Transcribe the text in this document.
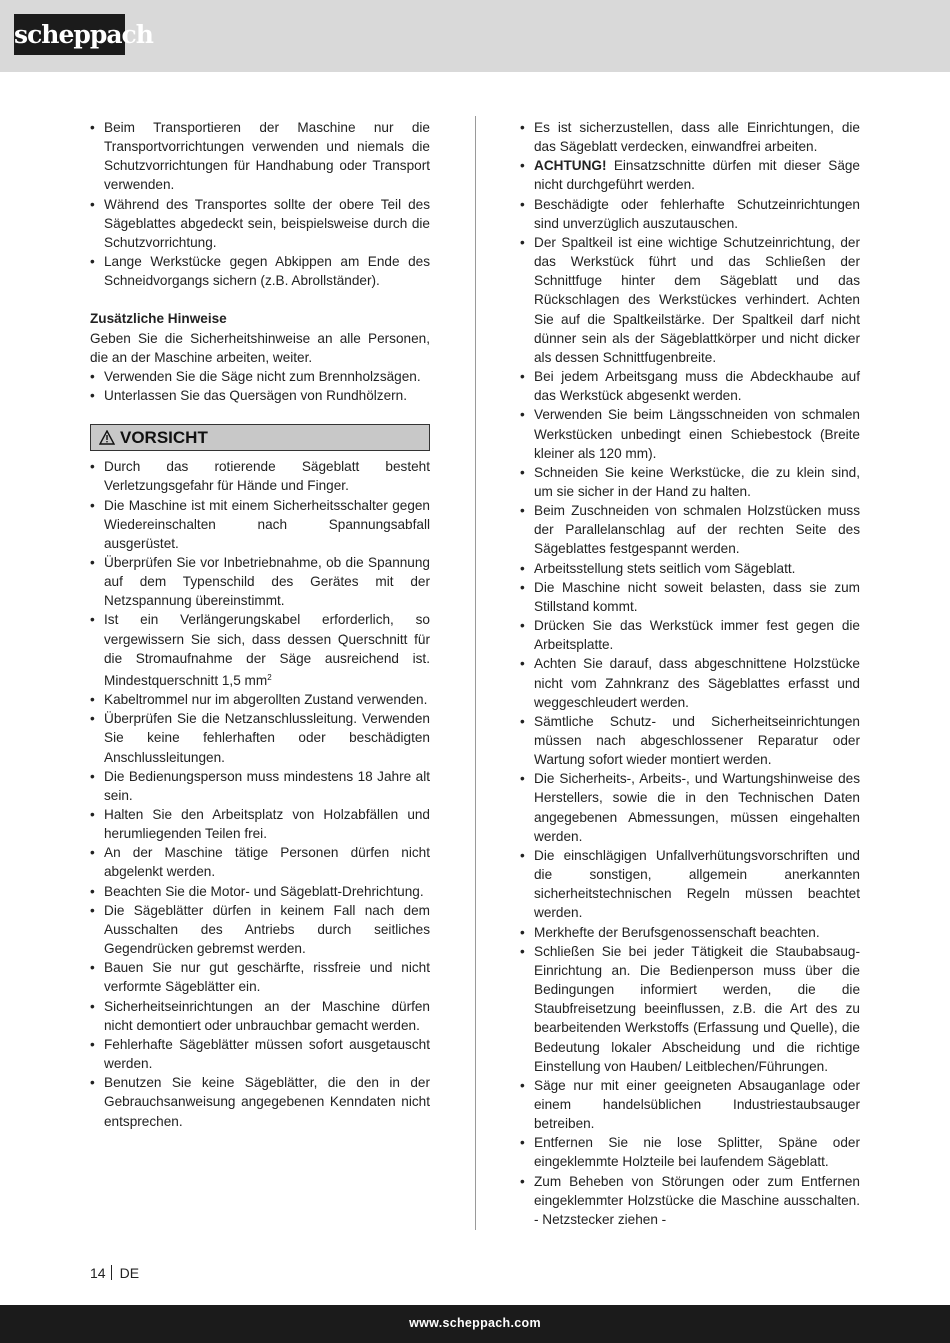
scheppach
• Beim Transportieren der Maschine nur die Transportvorrichtungen verwenden und niemals die Schutzvorrichtungen für Handhabung oder Transport verwenden.
• Während des Transportes sollte der obere Teil des Sägeblattes abgedeckt sein, beispielsweise durch die Schutzvorrichtung.
• Lange Werkstücke gegen Abkippen am Ende des Schneidvorgangs sichern (z.B. Abrollständer).
Zusätzliche Hinweise
Geben Sie die Sicherheitshinweise an alle Personen, die an der Maschine arbeiten, weiter.
• Verwenden Sie die Säge nicht zum Brennholzsägen.
• Unterlassen Sie das Quersägen von Rundhölzern.
VORSICHT
• Durch das rotierende Sägeblatt besteht Verletzungsgefahr für Hände und Finger.
• Die Maschine ist mit einem Sicherheitsschalter gegen Wiedereinschalten nach Spannungsabfall ausgerüstet.
• Überprüfen Sie vor Inbetriebnahme, ob die Spannung auf dem Typenschild des Gerätes mit der Netzspannung übereinstimmt.
• Ist ein Verlängerungskabel erforderlich, so vergewissern Sie sich, dass dessen Querschnitt für die Stromaufnahme der Säge ausreichend ist. Mindestquerschnitt 1,5 $mm^2$
• Kabeltrommel nur im abgerollten Zustand verwenden.
• Überprüfen Sie die Netzanschlussleitung. Verwenden Sie keine fehlerhaften oder beschädigten Anschlussleitungen.
• Die Bedienungsperson muss mindestens 18 Jahre alt sein.
• Halten Sie den Arbeitsplatz von Holzabfällen und herumliegenden Teilen frei.
• An der Maschine tätige Personen dürfen nicht abgelenkt werden.
• Beachten Sie die Motor- und Sägeblatt-Drehrichtung.
• Die Sägeblätter dürfen in keinem Fall nach dem Ausschalten des Antriebs durch seitliches Gegendrücken gebremst werden.
• Bauen Sie nur gut geschärfte, rissfreie und nicht verformte Sägeblätter ein.
• Sicherheitseinrichtungen an der Maschine dürfen nicht demontiert oder unbrauchbar gemacht werden.
• Fehlerhafte Sägeblätter müssen sofort ausgetauscht werden.
• Benutzen Sie keine Sägeblätter, die den in der Gebrauchsanweisung angegebenen Kenndaten nicht entsprechen.
• Es ist sicherzustellen, dass alle Einrichtungen, die das Sägeblatt verdecken, einwandfrei arbeiten.
• ACHTUNG! Einsatzschnitte dürfen mit dieser Säge nicht durchgeführt werden.
• Beschädigte oder fehlerhafte Schutzeinrichtungen sind unverzüglich auszutauschen.
• Der Spaltkeil ist eine wichtige Schutzeinrichtung, der das Werkstück führt und das Schließen der Schnittfuge hinter dem Sägeblatt und das Rückschlagen des Werkstückes verhindert. Achten Sie auf die Spaltkeilstärke. Der Spaltkeil darf nicht dünner sein als der Sägeblattkörper und nicht dicker als dessen Schnittfugenbreite.
• Bei jedem Arbeitsgang muss die Abdeckhaube auf das Werkstück abgesenkt werden.
• Verwenden Sie beim Längsschneiden von schmalen Werkstücken unbedingt einen Schiebestock (Breite kleiner als 120 mm).
• Schneiden Sie keine Werkstücke, die zu klein sind, um sie sicher in der Hand zu halten.
• Beim Zuschneiden von schmalen Holzstücken muss der Parallelanschlag auf der rechten Seite des Sägeblattes festgespannt werden.
• Arbeitsstellung stets seitlich vom Sägeblatt.
• Die Maschine nicht soweit belasten, dass sie zum Stillstand kommt.
• Drücken Sie das Werkstück immer fest gegen die Arbeitsplatte.
• Achten Sie darauf, dass abgeschnittene Holzstücke nicht vom Zahnkranz des Sägeblattes erfasst und weggeschleudert werden.
• Sämtliche Schutz- und Sicherheitseinrichtungen müssen nach abgeschlossener Reparatur oder Wartung sofort wieder montiert werden.
• Die Sicherheits-, Arbeits-, und Wartungshinweise des Herstellers, sowie die in den Technischen Daten angegebenen Abmessungen, müssen eingehalten werden.
• Die einschlägigen Unfallverhütungsvorschriften und die sonstigen, allgemein anerkannten sicherheitstechnischen Regeln müssen beachtet werden.
• Merkhefte der Berufsgenossenschaft beachten.
• Schließen Sie bei jeder Tätigkeit die Staubabsaug-Einrichtung an. Die Bedienperson muss über die Bedingungen informiert werden, die die Staubfreisetzung beeinflussen, z.B. die Art des zu bearbeitenden Werkstoffs (Erfassung und Quelle), die Bedeutung lokaler Abscheidung und die richtige Einstellung von Hauben/ Leitblechen/Führungen.
• Säge nur mit einer geeigneten Absauganlage oder einem handelsüblichen Industriestaubsauger betreiben.
• Entfernen Sie nie lose Splitter, Späne oder eingeklemmte Holzteile bei laufendem Sägeblatt.
• Zum Beheben von Störungen oder zum Entfernen eingeklemmter Holzstücke die Maschine ausschalten. - Netzstecker ziehen -
14 DE
www.scheppach.com
